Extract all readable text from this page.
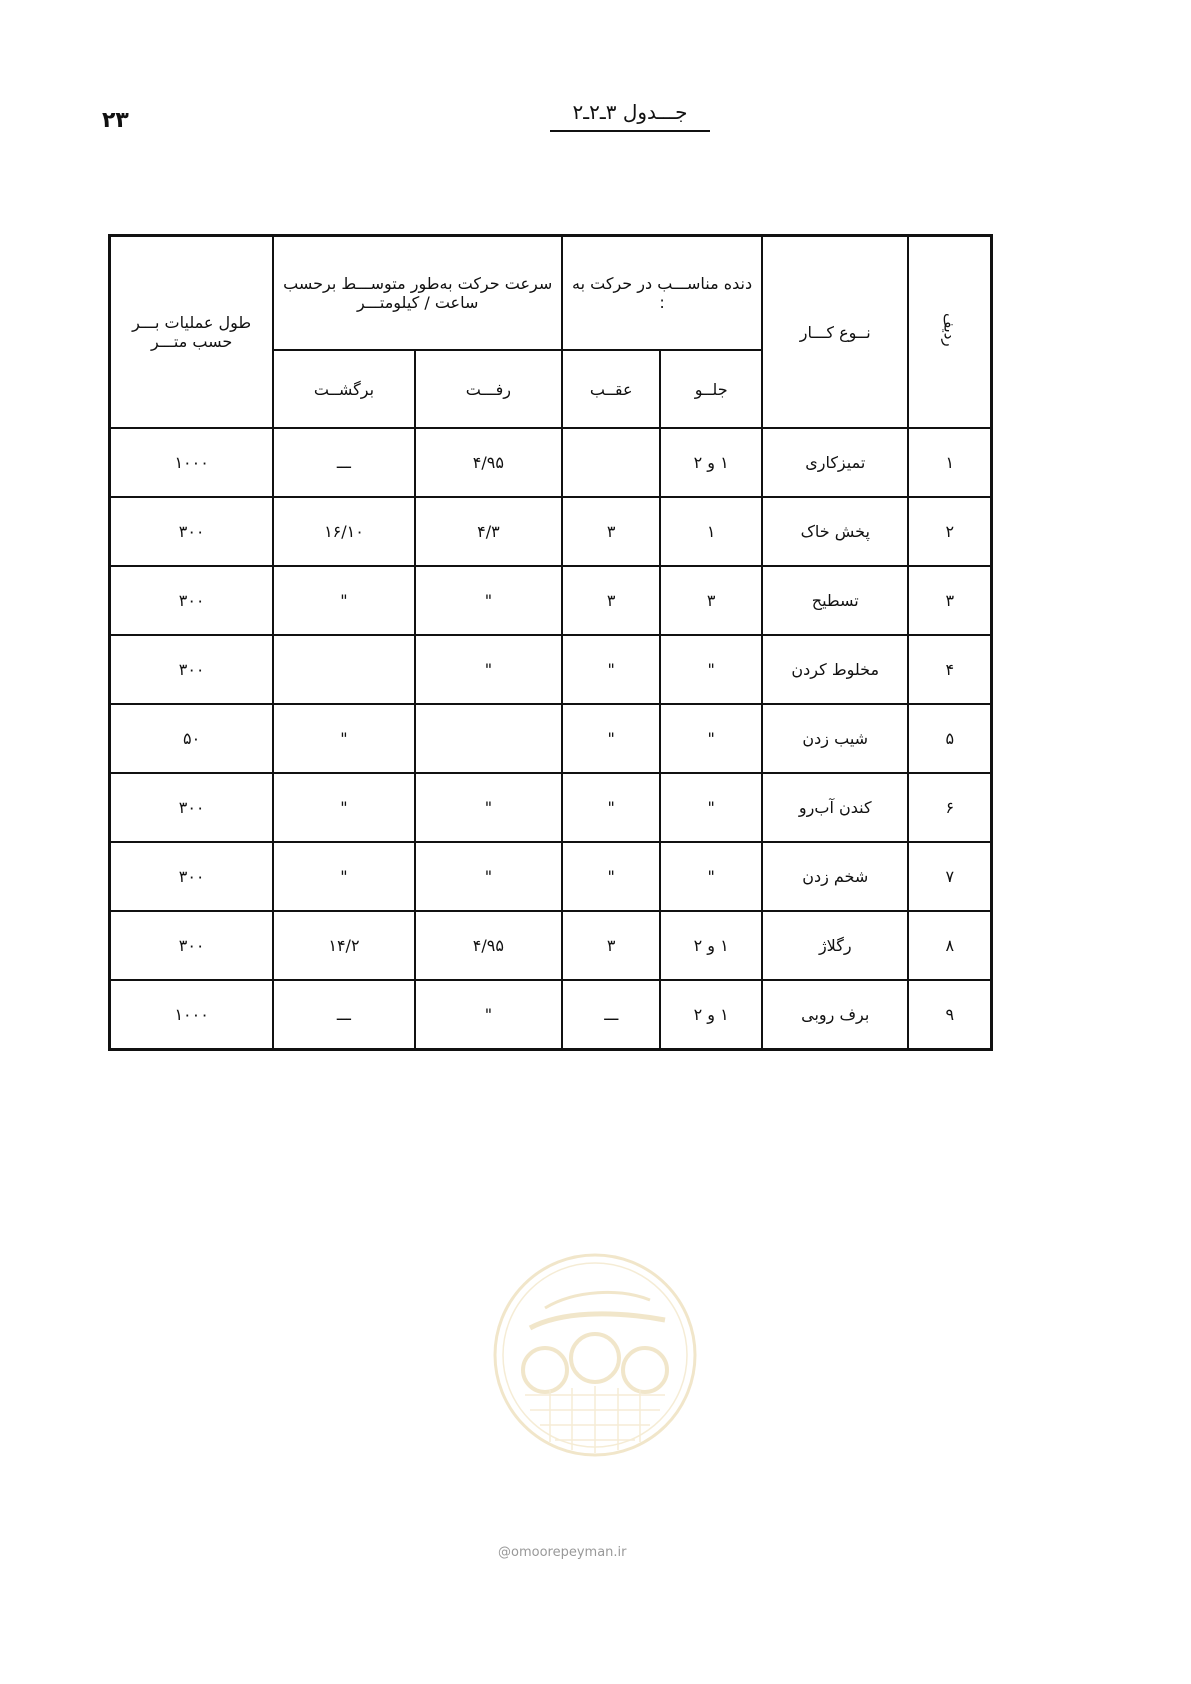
۲۳	جـــدول ۳ـ۲ـ۲
ردیف	نــوع کـــار	دنده مناســـب در حرکت به :		سرعت حرکت به‌طور متوســـط برحسب ساعت / کیلومتـــر		طول عملیات بـــر حسب متـــر
		جلــو	عقــب	رفـــت	برگشــت	
۱	تمیزکاری	۱ و ۲		۴/۹۵	ـــ	۱۰۰۰
۲	پخش خاک	۱	۳	۴/۳	۱۶/۱۰	۳۰۰
۳	تسطیح	۳	۳	"	"	۳۰۰
۴	مخلوط کردن	"	"	"		۳۰۰
۵	شیب زدن	"	"		"	۵۰
۶	کندن آب‌رو	"	"	"	"	۳۰۰
۷	شخم زدن	"	"	"	"	۳۰۰
۸	رگلاژ	۱ و ۲	۳	۴/۹۵	۱۴/۲	۳۰۰
۹	برف روبی	۱ و ۲	ـــ	"	ـــ	۱۰۰۰
@omoorepeyman.ir
